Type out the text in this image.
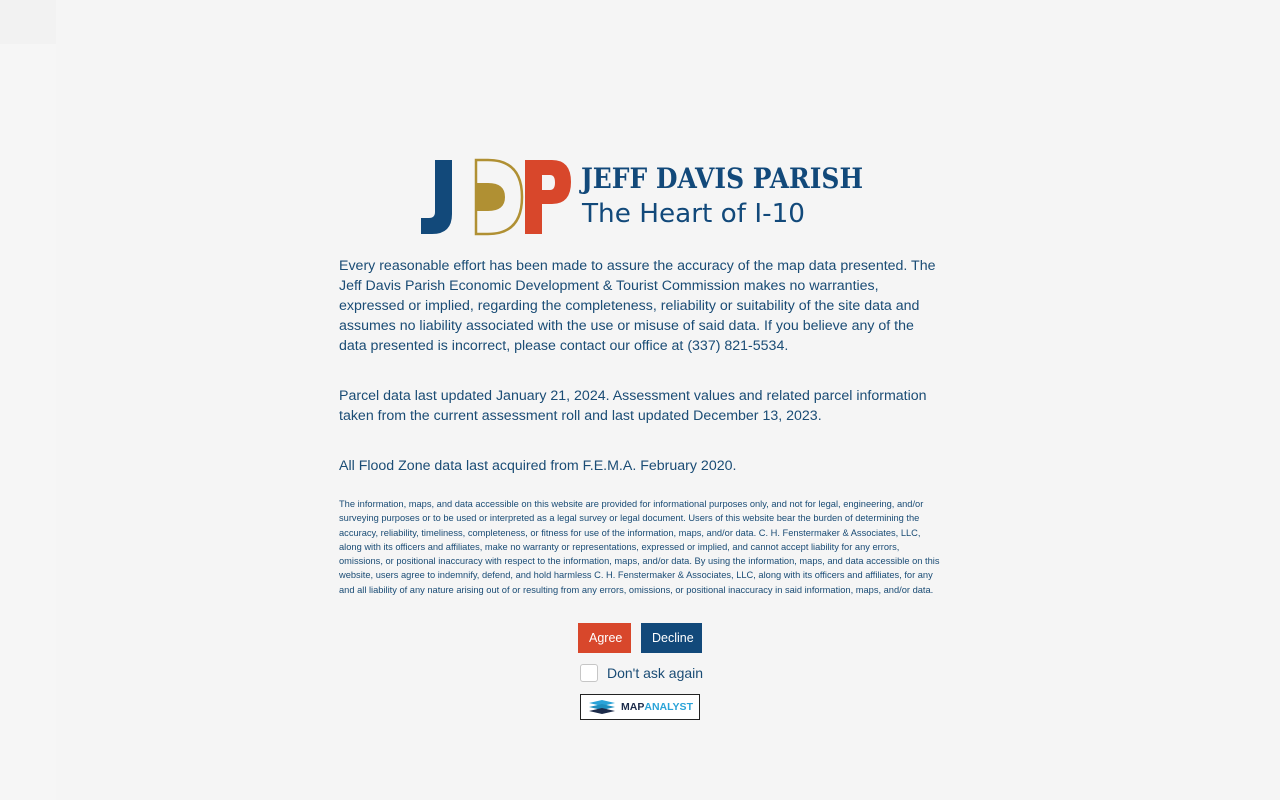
JEFF DAVIS PARISH
The Heart of I-10

Every reasonable effort has been made to assure the accuracy of the map data presented. The Jeff Davis Parish Economic Development & Tourist Commission makes no warranties, expressed or implied, regarding the completeness, reliability or suitability of the site data and assumes no liability associated with the use or misuse of said data. If you believe any of the data presented is incorrect, please contact our office at (337) 821-5534.

Parcel data last updated January 21, 2024. Assessment values and related parcel information taken from the current assessment roll and last updated December 13, 2023.

All Flood Zone data last acquired from F.E.M.A. February 2020.

The information, maps, and data accessible on this website are provided for informational purposes only, and not for legal, engineering, and/or surveying purposes or to be used or interpreted as a legal survey or legal document. Users of this website bear the burden of determining the accuracy, reliability, timeliness, completeness, or fitness for use of the information, maps, and/or data. C. H. Fenstermaker & Associates, LLC, along with its officers and affiliates, make no warranty or representations, expressed or implied, and cannot accept liability for any errors, omissions, or positional inaccuracy with respect to the information, maps, and/or data. By using the information, maps, and data accessible on this website, users agree to indemnify, defend, and hold harmless C. H. Fenstermaker & Associates, LLC, along with its officers and affiliates, for any and all liability of any nature arising out of or resulting from any errors, omissions, or positional inaccuracy in said information, maps, and/or data.

Agree	Decline
Don't ask again
MAP ANALYST
